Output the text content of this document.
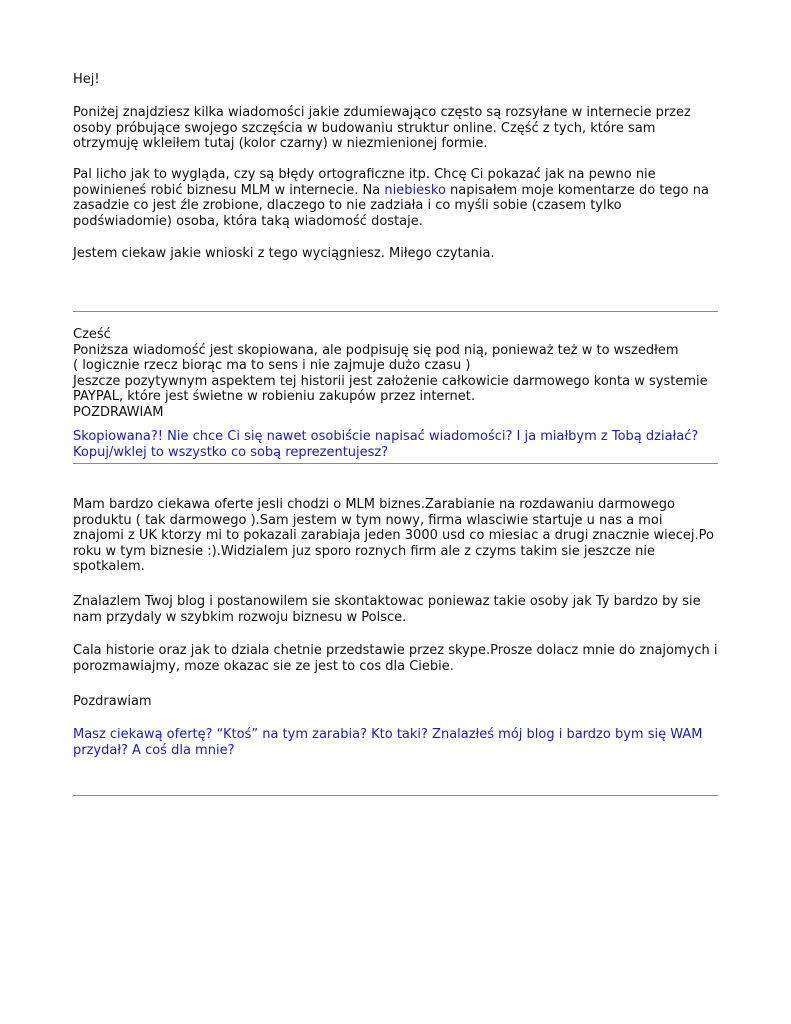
Hej!

Poniżej znajdziesz kilka wiadomości jakie zdumiewająco często są rozsyłane w internecie przez
osoby próbujące swojego szczęścia w budowaniu struktur online. Część z tych, które sam
otrzymuję wkleiłem tutaj (kolor czarny) w niezmienionej formie.

Pal licho jak to wygląda, czy są błędy ortograficzne itp. Chcę Ci pokazać jak na pewno nie
powinieneś robić biznesu MLM w internecie. Na niebiesko napisałem moje komentarze do tego na
zasadzie co jest źle zrobione, dlaczego to nie zadziała i co myśli sobie (czasem tylko
podświadomie) osoba, która taką wiadomość dostaje.

Jestem ciekaw jakie wnioski z tego wyciągniesz. Miłego czytania.

Cześć
Poniższa wiadomość jest skopiowana, ale podpisuję się pod nią, ponieważ też w to wszedłem
( logicznie rzecz biorąc ma to sens i nie zajmuje dużo czasu )
Jeszcze pozytywnym aspektem tej historii jest założenie całkowicie darmowego konta w systemie
PAYPAL, które jest świetne w robieniu zakupów przez internet.
POZDRAWIAM

Skopiowana?! Nie chce Ci się nawet osobiście napisać wiadomości? I ja miałbym z Tobą działać?
Kopuj/wklej to wszystko co sobą reprezentujesz?

Mam bardzo ciekawa oferte jesli chodzi o MLM biznes.Zarabianie na rozdawaniu darmowego
produktu ( tak darmowego ).Sam jestem w tym nowy, firma wlasciwie startuje u nas a moi
znajomi z UK ktorzy mi to pokazali zarabiaja jeden 3000 usd co miesiac a drugi znacznie wiecej.Po
roku w tym biznesie :).Widzialem juz sporo roznych firm ale z czyms takim sie jeszcze nie
spotkalem.

Znalazlem Twoj blog i postanowilem sie skontaktowac poniewaz takie osoby jak Ty bardzo by sie
nam przydaly w szybkim rozwoju biznesu w Polsce.

Cala historie oraz jak to dziala chetnie przedstawie przez skype.Prosze dolacz mnie do znajomych i
porozmawiajmy, moze okazac sie ze jest to cos dla Ciebie.

Pozdrawiam

Masz ciekawą ofertę? “Ktoś” na tym zarabia? Kto taki? Znalazłeś mój blog i bardzo bym się WAM
przydał? A coś dla mnie?
